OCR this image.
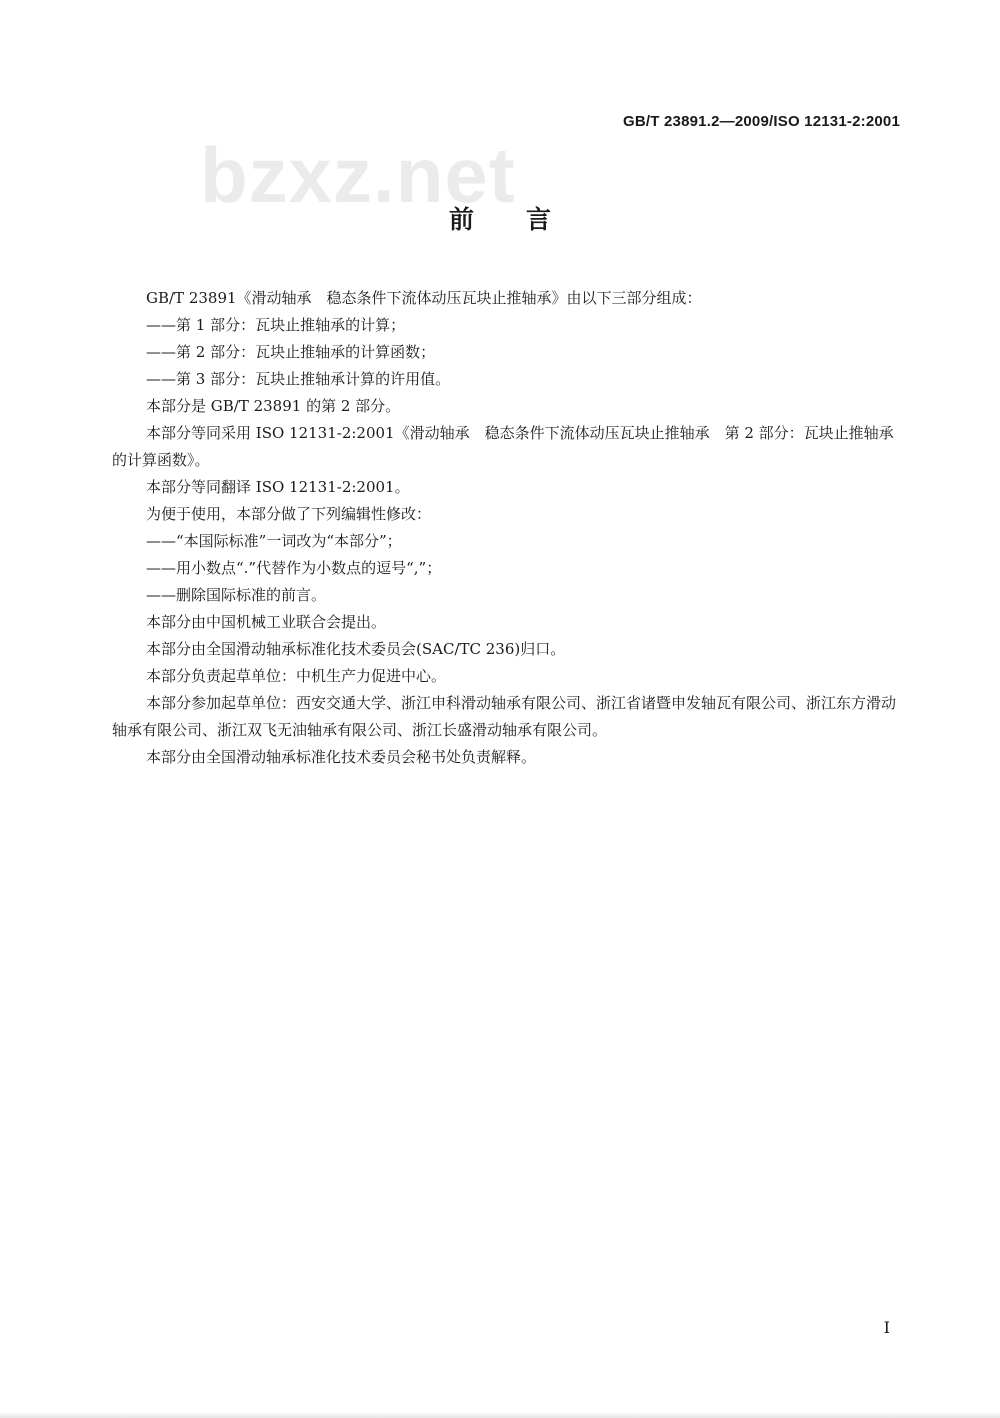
GB/T 23891.2—2009/ISO 12131-2:2001
bzxz.net
前言

GB/T 23891《滑动轴承　稳态条件下流体动压瓦块止推轴承》由以下三部分组成：

——第 1 部分：瓦块止推轴承的计算；

——第 2 部分：瓦块止推轴承的计算函数；

——第 3 部分：瓦块止推轴承计算的许用值。

本部分是 GB/T 23891 的第 2 部分。

本部分等同采用 ISO 12131-2:2001《滑动轴承　稳态条件下流体动压瓦块止推轴承　第 2 部分：瓦块止推轴承的计算函数》。

本部分等同翻译 ISO 12131-2:2001。

为便于使用，本部分做了下列编辑性修改：

——“本国际标准”一词改为“本部分”；

——用小数点“.”代替作为小数点的逗号“,”；

——删除国际标准的前言。

本部分由中国机械工业联合会提出。

本部分由全国滑动轴承标准化技术委员会(SAC/TC 236)归口。

本部分负责起草单位：中机生产力促进中心。

本部分参加起草单位：西安交通大学、浙江申科滑动轴承有限公司、浙江省诸暨申发轴瓦有限公司、浙江东方滑动轴承有限公司、浙江双飞无油轴承有限公司、浙江长盛滑动轴承有限公司。

本部分由全国滑动轴承标准化技术委员会秘书处负责解释。

I
